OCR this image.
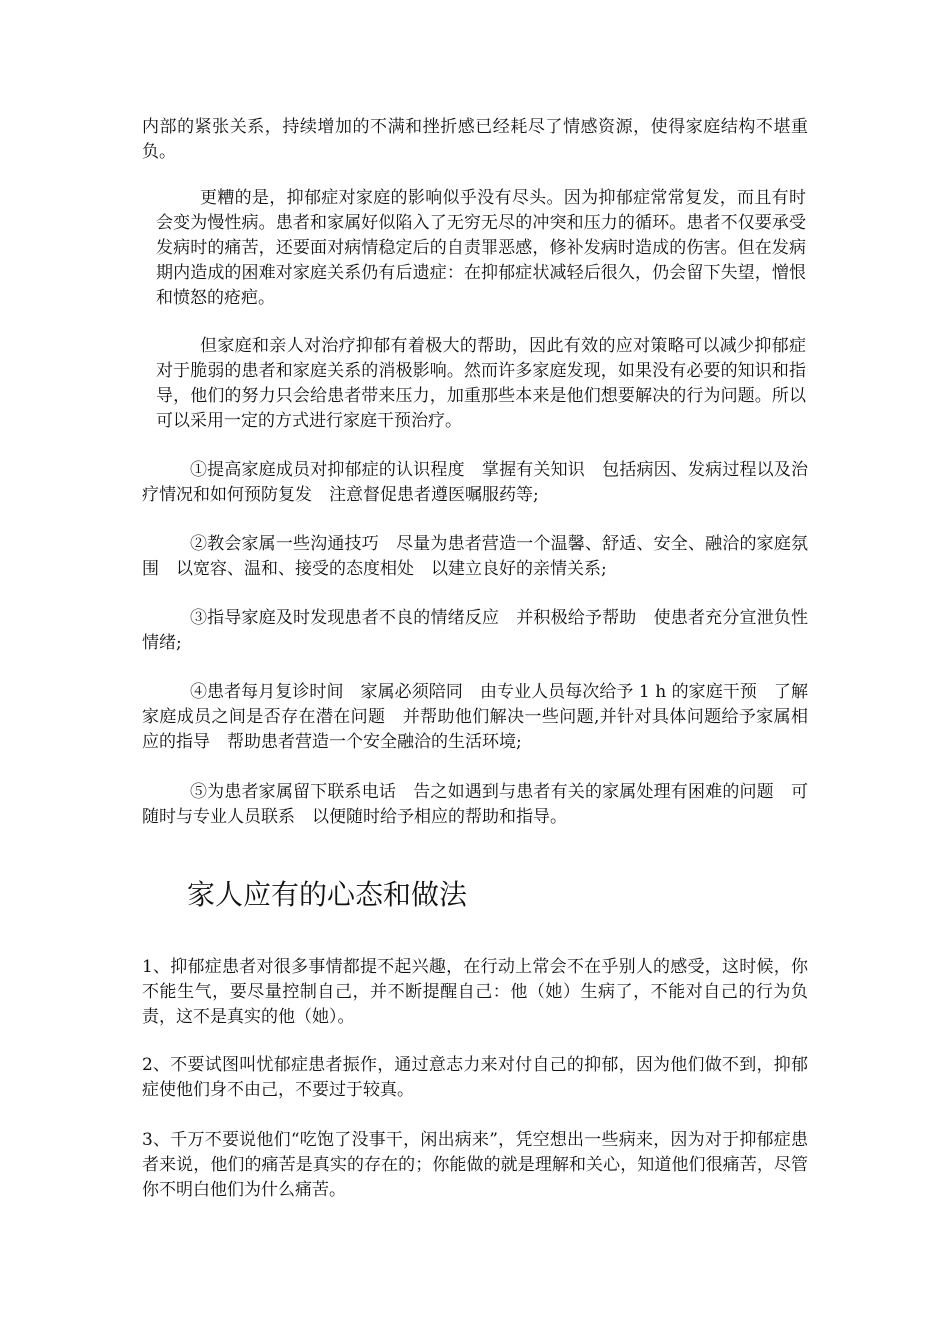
内部的紧张关系，持续增加的不满和挫折感已经耗尽了情感资源，使得家庭结构不堪重负。

更糟的是，抑郁症对家庭的影响似乎没有尽头。因为抑郁症常常复发，而且有时会变为慢性病。患者和家属好似陷入了无穷无尽的冲突和压力的循环。患者不仅要承受发病时的痛苦，还要面对病情稳定后的自责罪恶感，修补发病时造成的伤害。但在发病期内造成的困难对家庭关系仍有后遗症：在抑郁症状减轻后很久，仍会留下失望，憎恨和愤怒的疮疤。

但家庭和亲人对治疗抑郁有着极大的帮助，因此有效的应对策略可以减少抑郁症对于脆弱的患者和家庭关系的消极影响。然而许多家庭发现，如果没有必要的知识和指导，他们的努力只会给患者带来压力，加重那些本来是他们想要解决的行为问题。所以可以采用一定的方式进行家庭干预治疗。

①提高家庭成员对抑郁症的认识程度　掌握有关知识　包括病因、发病过程以及治疗情况和如何预防复发　注意督促患者遵医嘱服药等;

②教会家属一些沟通技巧　尽量为患者营造一个温馨、舒适、安全、融洽的家庭氛围　以宽容、温和、接受的态度相处　以建立良好的亲情关系;

③指导家庭及时发现患者不良的情绪反应　并积极给予帮助　使患者充分宣泄负性情绪;

④患者每月复诊时间　家属必须陪同　由专业人员每次给予 1 h 的家庭干预　了解家庭成员之间是否存在潜在问题　并帮助他们解决一些问题,并针对具体问题给予家属相应的指导　帮助患者营造一个安全融洽的生活环境;

⑤为患者家属留下联系电话　告之如遇到与患者有关的家属处理有困难的问题　可随时与专业人员联系　以便随时给予相应的帮助和指导。

家人应有的心态和做法

1、抑郁症患者对很多事情都提不起兴趣，在行动上常会不在乎别人的感受，这时候，你不能生气，要尽量控制自己，并不断提醒自己：他（她）生病了，不能对自己的行为负责，这不是真实的他（她）。

2、不要试图叫忧郁症患者振作，通过意志力来对付自己的抑郁，因为他们做不到，抑郁症使他们身不由己，不要过于较真。

3、千万不要说他们“吃饱了没事干，闲出病来”，凭空想出一些病来，因为对于抑郁症患者来说，他们的痛苦是真实的存在的；你能做的就是理解和关心，知道他们很痛苦，尽管你不明白他们为什么痛苦。
